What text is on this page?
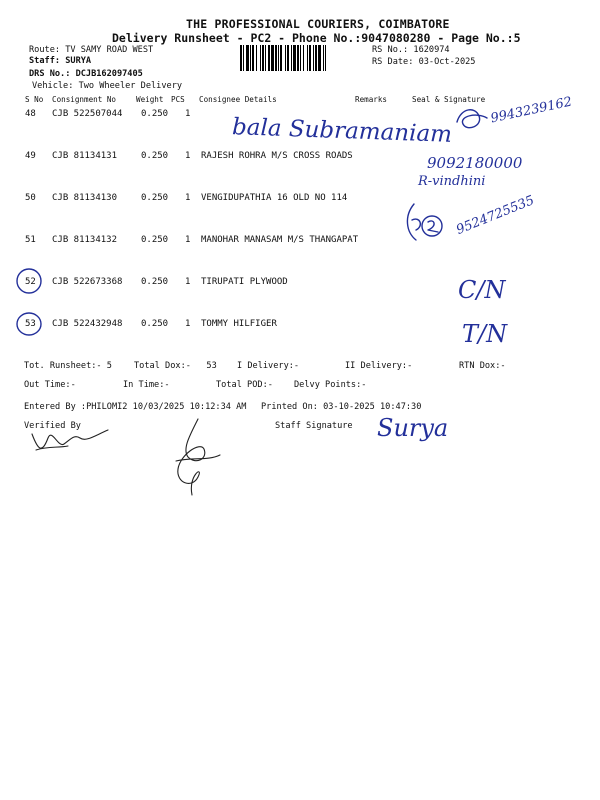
THE PROFESSIONAL COURIERS, COIMBATORE
Delivery Runsheet - PC2 - Phone No.:9047080280 - Page No.:5
Route: TV SAMY ROAD WEST
Staff: SURYA
DRS No.: DCJB162097405
Vehicle: Two Wheeler Delivery
RS No.: 1620974
RS Date: 03-Oct-2025
S No Consignment No	Weight PCS Consignee Details	Remarks	Seal & Signature
48 CJB 522507044 0.250 1
49 CJB 81134131	0.250 1 RAJESH ROHRA M/S CROSS ROADS
50 CJB 81134130	0.250 1 VENGIDUPATHIA 16 OLD NO 114
51 CJB 81134132	0.250 1 MANOHAR MANASAM M/S THANGAPAT
52 CJB 522673368 0.250 1 TIRUPATI PLYWOOD
53 CJB 522432948 0.250 1 TOMMY HILFIGER
bala Subramaniam
9943239162
9092180000
R-vindhini
9524725535
C/N
T/N
Tot. Runsheet:- 5	Total Dox:-   53 I Delivery:-	II Delivery:-	RTN Dox:-
Out Time:-	In Time:-	Total POD:- Delvy Points:-
Entered By :PHILOMI2 10/03/2025 10:12:34 AM Printed On: 03-10-2025 10:47:30
Verified By	Staff Signature Surya
